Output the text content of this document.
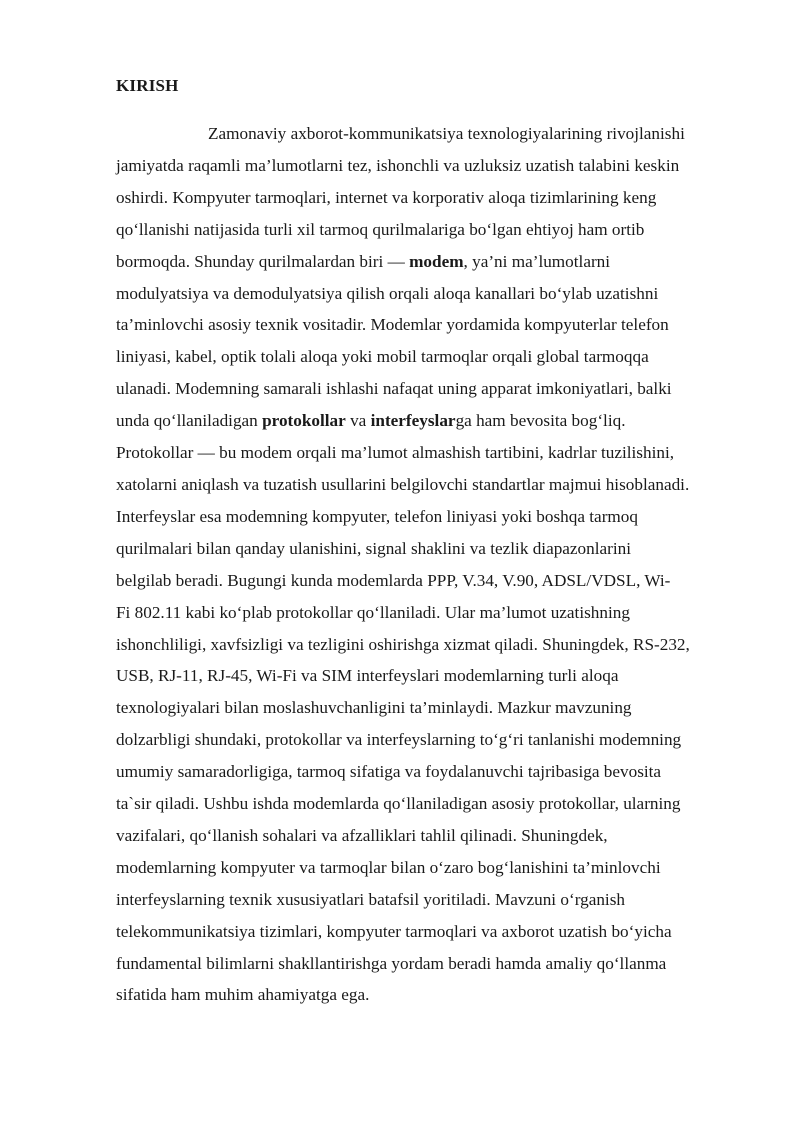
KIRISH
Zamonaviy axborot-kommunikatsiya texnologiyalarining rivojlanishi
jamiyatda raqamli ma’lumotlarni tez, ishonchli va uzluksiz uzatish talabini keskin
oshirdi. Kompyuter tarmoqlari, internet va korporativ aloqa tizimlarining keng
qo‘llanishi natijasida turli xil tarmoq qurilmalariga bo‘lgan ehtiyoj ham ortib
bormoqda. Shunday qurilmalardan biri — modem, ya’ni ma’lumotlarni
modulyatsiya va demodulyatsiya qilish orqali aloqa kanallari bo‘ylab uzatishni
ta’minlovchi asosiy texnik vositadir. Modemlar yordamida kompyuterlar telefon
liniyasi, kabel, optik tolali aloqa yoki mobil tarmoqlar orqali global tarmoqqa
ulanadi. Modemning samarali ishlashi nafaqat uning apparat imkoniyatlari, balki
unda qo‘llaniladigan protokollar va interfeyslarga ham bevosita bog‘liq.
Protokollar — bu modem orqali ma’lumot almashish tartibini, kadrlar tuzilishini,
xatolarni aniqlash va tuzatish usullarini belgilovchi standartlar majmui hisoblanadi.
Interfeyslar esa modemning kompyuter, telefon liniyasi yoki boshqa tarmoq
qurilmalari bilan qanday ulanishini, signal shaklini va tezlik diapazonlarini
belgilab beradi. Bugungi kunda modemlarda PPP, V.34, V.90, ADSL/VDSL, Wi-
Fi 802.11 kabi ko‘plab protokollar qo‘llaniladi. Ular ma’lumot uzatishning
ishonchliligi, xavfsizligi va tezligini oshirishga xizmat qiladi. Shuningdek, RS-232,
USB, RJ-11, RJ-45, Wi-Fi va SIM interfeyslari modemlarning turli aloqa
texnologiyalari bilan moslashuvchanligini ta’minlaydi. Mazkur mavzuning
dolzarbligi shundaki, protokollar va interfeyslarning to‘g‘ri tanlanishi modemning
umumiy samaradorligiga, tarmoq sifatiga va foydalanuvchi tajribasiga bevosita
ta`sir qiladi. Ushbu ishda modemlarda qo‘llaniladigan asosiy protokollar, ularning
vazifalari, qo‘llanish sohalari va afzalliklari tahlil qilinadi. Shuningdek,
modemlarning kompyuter va tarmoqlar bilan o‘zaro bog‘lanishini ta’minlovchi
interfeyslarning texnik xususiyatlari batafsil yoritiladi. Mavzuni o‘rganish
telekommunikatsiya tizimlari, kompyuter tarmoqlari va axborot uzatish bo‘yicha
fundamental bilimlarni shakllantirishga yordam beradi hamda amaliy qo‘llanma
sifatida ham muhim ahamiyatga ega.
